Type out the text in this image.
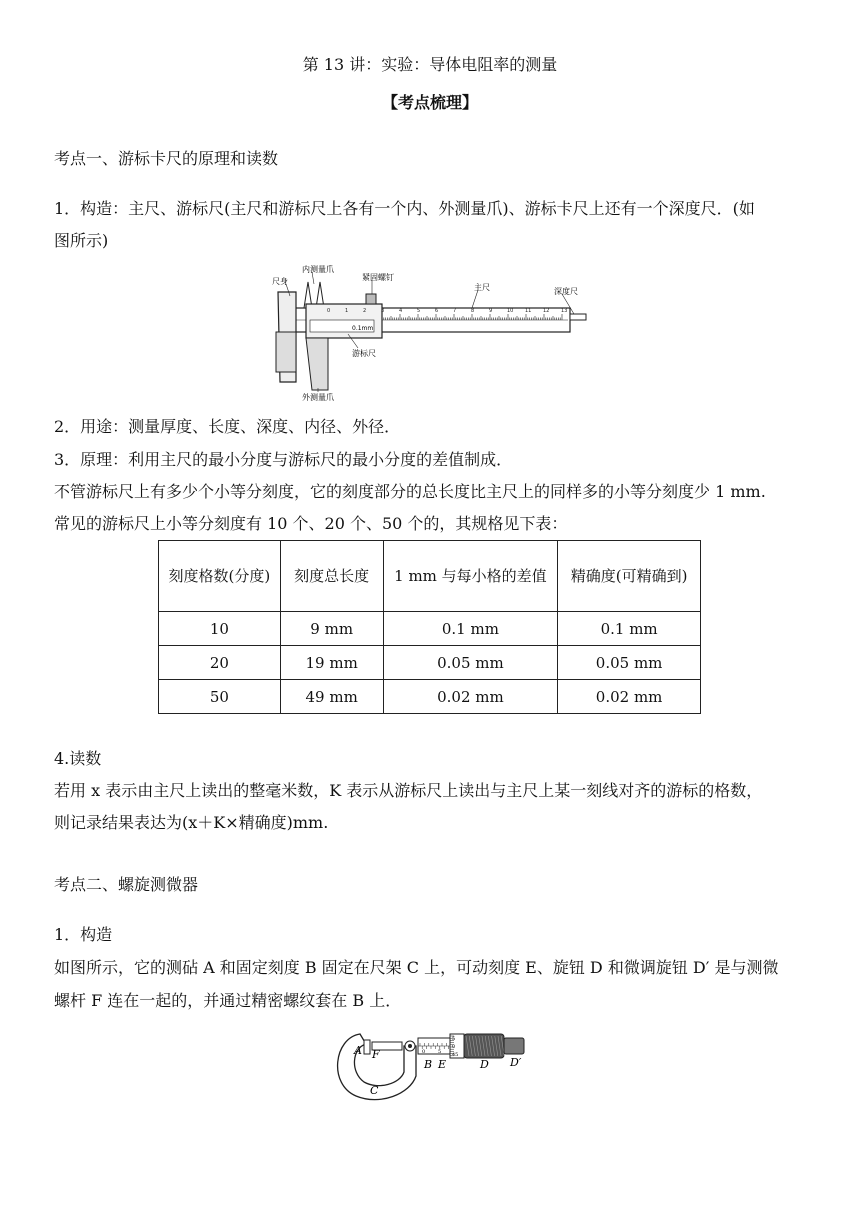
第 13 讲：实验：导体电阻率的测量
【考点梳理】
考点一、游标卡尺的原理和读数
1．构造：主尺、游标尺(主尺和游标尺上各有一个内、外测量爪)、游标卡尺上还有一个深度尺．(如
图所示)
尺身
内测量爪
紧固螺钉
主尺	深度尺
游标尺
外测量爪
0.1mm
0	1	2	3	4	5	6	7	8	9	10 11 12 13
2．用途：测量厚度、长度、深度、内径、外径．
3．原理：利用主尺的最小分度与游标尺的最小分度的差值制成．
不管游标尺上有多少个小等分刻度，它的刻度部分的总长度比主尺上的同样多的小等分刻度少 1 mm.
常见的游标尺上小等分刻度有 10 个、20 个、50 个的，其规格见下表：
刻度格数(分度)	刻度总长度	1 mm 与每小格的差值	精确度(可精确到)
10	9 mm	0.1 mm	0.1 mm
20	19 mm	0.05 mm	0.05 mm
50	49 mm	0.02 mm	0.02 mm
4.读数
若用 x 表示由主尺上读出的整毫米数，K 表示从游标尺上读出与主尺上某一刻线对齐的游标的格数，
则记录结果表达为(x＋K×精确度)mm.
考点二、螺旋测微器
1．构造
如图所示，它的测砧 A 和固定刻度 B 固定在尺架 C 上，可动刻度 E、旋钮 D 和微调旋钮 D′ 是与测微
螺杆 F 连在一起的，并通过精密螺纹套在 B 上．
A F
B E	D D′
C
5
0
45
0	5
